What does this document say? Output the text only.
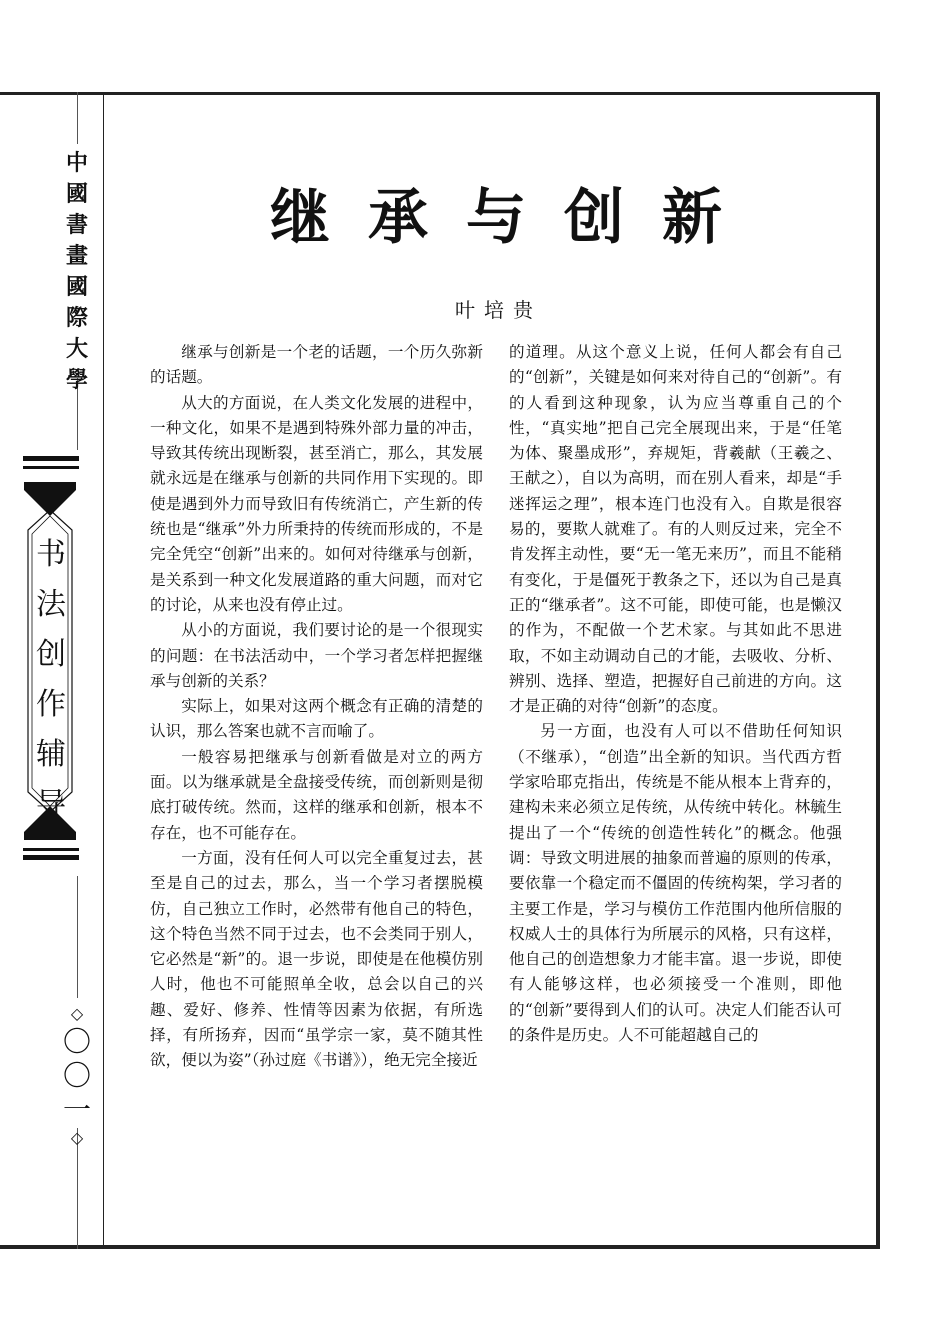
中
國
書
畫
國
際
大
學
书
法
创
作
辅
导
◇
〇
〇
一
◇
继承与创新
叶培贵

继承与创新是一个老的话题，一个历久弥新的话题。

从大的方面说，在人类文化发展的进程中，一种文化，如果不是遇到特殊外部力量的冲击，导致其传统出现断裂，甚至消亡，那么，其发展就永远是在继承与创新的共同作用下实现的。即使是遇到外力而导致旧有传统消亡，产生新的传统也是“继承”外力所秉持的传统而形成的，不是完全凭空“创新”出来的。如何对待继承与创新，是关系到一种文化发展道路的重大问题，而对它的讨论，从来也没有停止过。

从小的方面说，我们要讨论的是一个很现实的问题：在书法活动中，一个学习者怎样把握继承与创新的关系？

实际上，如果对这两个概念有正确的清楚的认识，那么答案也就不言而喻了。

一般容易把继承与创新看做是对立的两方面。以为继承就是全盘接受传统，而创新则是彻底打破传统。然而，这样的继承和创新，根本不存在，也不可能存在。

一方面，没有任何人可以完全重复过去，甚至是自己的过去，那么，当一个学习者摆脱模仿，自己独立工作时，必然带有他自己的特色，这个特色当然不同于过去，也不会类同于别人，它必然是“新”的。退一步说，即使是在他模仿别人时，他也不可能照单全收，总会以自己的兴趣、爱好、修养、性情等因素为依据，有所选择，有所扬弃，因而“虽学宗一家，莫不随其性欲，便以为姿”（孙过庭《书谱》），绝无完全接近

的道理。从这个意义上说，任何人都会有自己的“创新”，关键是如何来对待自己的“创新”。有的人看到这种现象，认为应当尊重自己的个性，“真实地”把自己完全展现出来，于是“任笔为体、聚墨成形”，弃规矩，背羲献（王羲之、王献之），自以为高明，而在别人看来，却是“手迷挥运之理”，根本连门也没有入。自欺是很容易的，要欺人就难了。有的人则反过来，完全不肯发挥主动性，要“无一笔无来历”，而且不能稍有变化，于是僵死于教条之下，还以为自己是真正的“继承者”。这不可能，即使可能，也是懒汉的作为，不配做一个艺术家。与其如此不思进取，不如主动调动自己的才能，去吸收、分析、辨别、选择、塑造，把握好自己前进的方向。这才是正确的对待“创新”的态度。

另一方面，也没有人可以不借助任何知识（不继承），“创造”出全新的知识。当代西方哲学家哈耶克指出，传统是不能从根本上背弃的，建构未来必须立足传统，从传统中转化。林毓生提出了一个“传统的创造性转化”的概念。他强调：导致文明进展的抽象而普遍的原则的传承，要依靠一个稳定而不僵固的传统构架，学习者的主要工作是，学习与模仿工作范围内他所信服的权威人士的具体行为所展示的风格，只有这样，他自己的创造想象力才能丰富。退一步说，即使有人能够这样，也必须接受一个准则，即他的“创新”要得到人们的认可。决定人们能否认可的条件是历史。人不可能超越自己的
